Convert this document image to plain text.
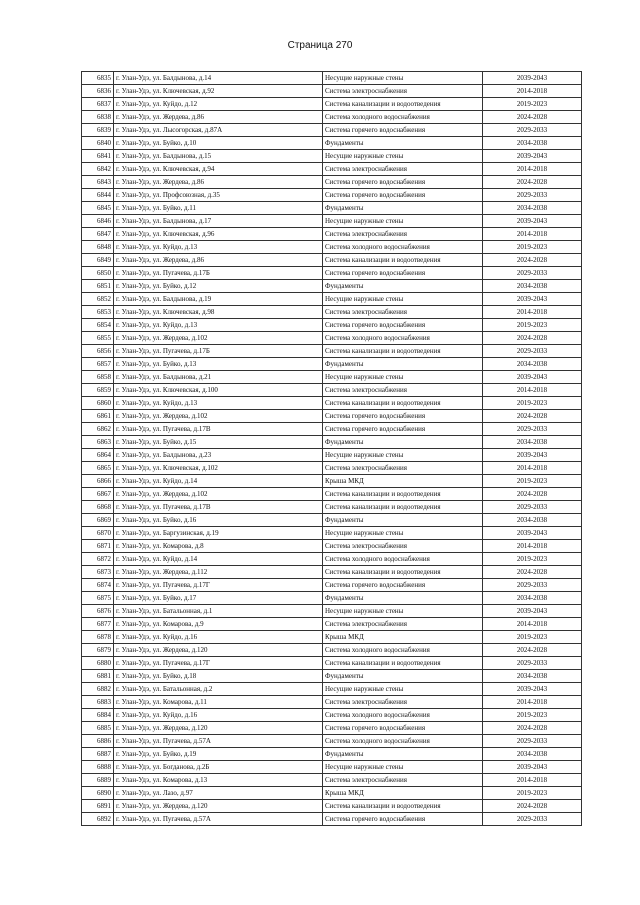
Страница 270
6835	г. Улан-Удэ, ул. Балдынова, д.14	Несущие наружные стены	2039-2043
6836	г. Улан-Удэ, ул. Ключевская, д.92	Система электроснабжения	2014-2018
6837	г. Улан-Удэ, ул. Куйдо, д.12	Система канализации и водоотведения	2019-2023
6838	г. Улан-Удэ, ул. Жердева, д.86	Система холодного водоснабжения	2024-2028
6839	г. Улан-Удэ, ул. Лысогорская, д.87А	Система горячего водоснабжения	2029-2033
6840	г. Улан-Удэ, ул. Буйко, д.10	Фундаменты	2034-2038
6841	г. Улан-Удэ, ул. Балдынова, д.15	Несущие наружные стены	2039-2043
6842	г. Улан-Удэ, ул. Ключевская, д.94	Система электроснабжения	2014-2018
6843	г. Улан-Удэ, ул. Жердева, д.86	Система горячего водоснабжения	2024-2028
6844	г. Улан-Удэ, ул. Профсоюзная, д.35	Система горячего водоснабжения	2029-2033
6845	г. Улан-Удэ, ул. Буйко, д.11	Фундаменты	2034-2038
6846	г. Улан-Удэ, ул. Балдынова, д.17	Несущие наружные стены	2039-2043
6847	г. Улан-Удэ, ул. Ключевская, д.96	Система электроснабжения	2014-2018
6848	г. Улан-Удэ, ул. Куйдо, д.13	Система холодного водоснабжения	2019-2023
6849	г. Улан-Удэ, ул. Жердева, д.86	Система канализации и водоотведения	2024-2028
6850	г. Улан-Удэ, ул. Пугачева, д.17Б	Система горячего водоснабжения	2029-2033
6851	г. Улан-Удэ, ул. Буйко, д.12	Фундаменты	2034-2038
6852	г. Улан-Удэ, ул. Балдынова, д.19	Несущие наружные стены	2039-2043
6853	г. Улан-Удэ, ул. Ключевская, д.98	Система электроснабжения	2014-2018
6854	г. Улан-Удэ, ул. Куйдо, д.13	Система горячего водоснабжения	2019-2023
6855	г. Улан-Удэ, ул. Жердева, д.102	Система холодного водоснабжения	2024-2028
6856	г. Улан-Удэ, ул. Пугачева, д.17Б	Система канализации и водоотведения	2029-2033
6857	г. Улан-Удэ, ул. Буйко, д.13	Фундаменты	2034-2038
6858	г. Улан-Удэ, ул. Балдынова, д.21	Несущие наружные стены	2039-2043
6859	г. Улан-Удэ, ул. Ключевская, д.100	Система электроснабжения	2014-2018
6860	г. Улан-Удэ, ул. Куйдо, д.13	Система канализации и водоотведения	2019-2023
6861	г. Улан-Удэ, ул. Жердева, д.102	Система горячего водоснабжения	2024-2028
6862	г. Улан-Удэ, ул. Пугачева, д.17В	Система горячего водоснабжения	2029-2033
6863	г. Улан-Удэ, ул. Буйко, д.15	Фундаменты	2034-2038
6864	г. Улан-Удэ, ул. Балдынова, д.23	Несущие наружные стены	2039-2043
6865	г. Улан-Удэ, ул. Ключевская, д.102	Система электроснабжения	2014-2018
6866	г. Улан-Удэ, ул. Куйдо, д.14	Крыша МКД	2019-2023
6867	г. Улан-Удэ, ул. Жердева, д.102	Система канализации и водоотведения	2024-2028
6868	г. Улан-Удэ, ул. Пугачева, д.17В	Система канализации и водоотведения	2029-2033
6869	г. Улан-Удэ, ул. Буйко, д.16	Фундаменты	2034-2038
6870	г. Улан-Удэ, ул. Баргузинская, д.19	Несущие наружные стены	2039-2043
6871	г. Улан-Удэ, ул. Комарова, д.8	Система электроснабжения	2014-2018
6872	г. Улан-Удэ, ул. Куйдо, д.14	Система холодного водоснабжения	2019-2023
6873	г. Улан-Удэ, ул. Жердева, д.112	Система канализации и водоотведения	2024-2028
6874	г. Улан-Удэ, ул. Пугачева, д.17Г	Система горячего водоснабжения	2029-2033
6875	г. Улан-Удэ, ул. Буйко, д.17	Фундаменты	2034-2038
6876	г. Улан-Удэ, ул. Батальонная, д.1	Несущие наружные стены	2039-2043
6877	г. Улан-Удэ, ул. Комарова, д.9	Система электроснабжения	2014-2018
6878	г. Улан-Удэ, ул. Куйдо, д.16	Крыша МКД	2019-2023
6879	г. Улан-Удэ, ул. Жердева, д.120	Система холодного водоснабжения	2024-2028
6880	г. Улан-Удэ, ул. Пугачева, д.17Г	Система канализации и водоотведения	2029-2033
6881	г. Улан-Удэ, ул. Буйко, д.18	Фундаменты	2034-2038
6882	г. Улан-Удэ, ул. Батальонная, д.2	Несущие наружные стены	2039-2043
6883	г. Улан-Удэ, ул. Комарова, д.11	Система электроснабжения	2014-2018
6884	г. Улан-Удэ, ул. Куйдо, д.16	Система холодного водоснабжения	2019-2023
6885	г. Улан-Удэ, ул. Жердева, д.120	Система горячего водоснабжения	2024-2028
6886	г. Улан-Удэ, ул. Пугачева, д.57А	Система холодного водоснабжения	2029-2033
6887	г. Улан-Удэ, ул. Буйко, д.19	Фундаменты	2034-2038
6888	г. Улан-Удэ, ул. Богданова, д.2Б	Несущие наружные стены	2039-2043
6889	г. Улан-Удэ, ул. Комарова, д.13	Система электроснабжения	2014-2018
6890	г. Улан-Удэ, ул. Лазо, д.97	Крыша МКД	2019-2023
6891	г. Улан-Удэ, ул. Жердева, д.120	Система канализации и водоотведения	2024-2028
6892	г. Улан-Удэ, ул. Пугачева, д.57А	Система горячего водоснабжения	2029-2033
